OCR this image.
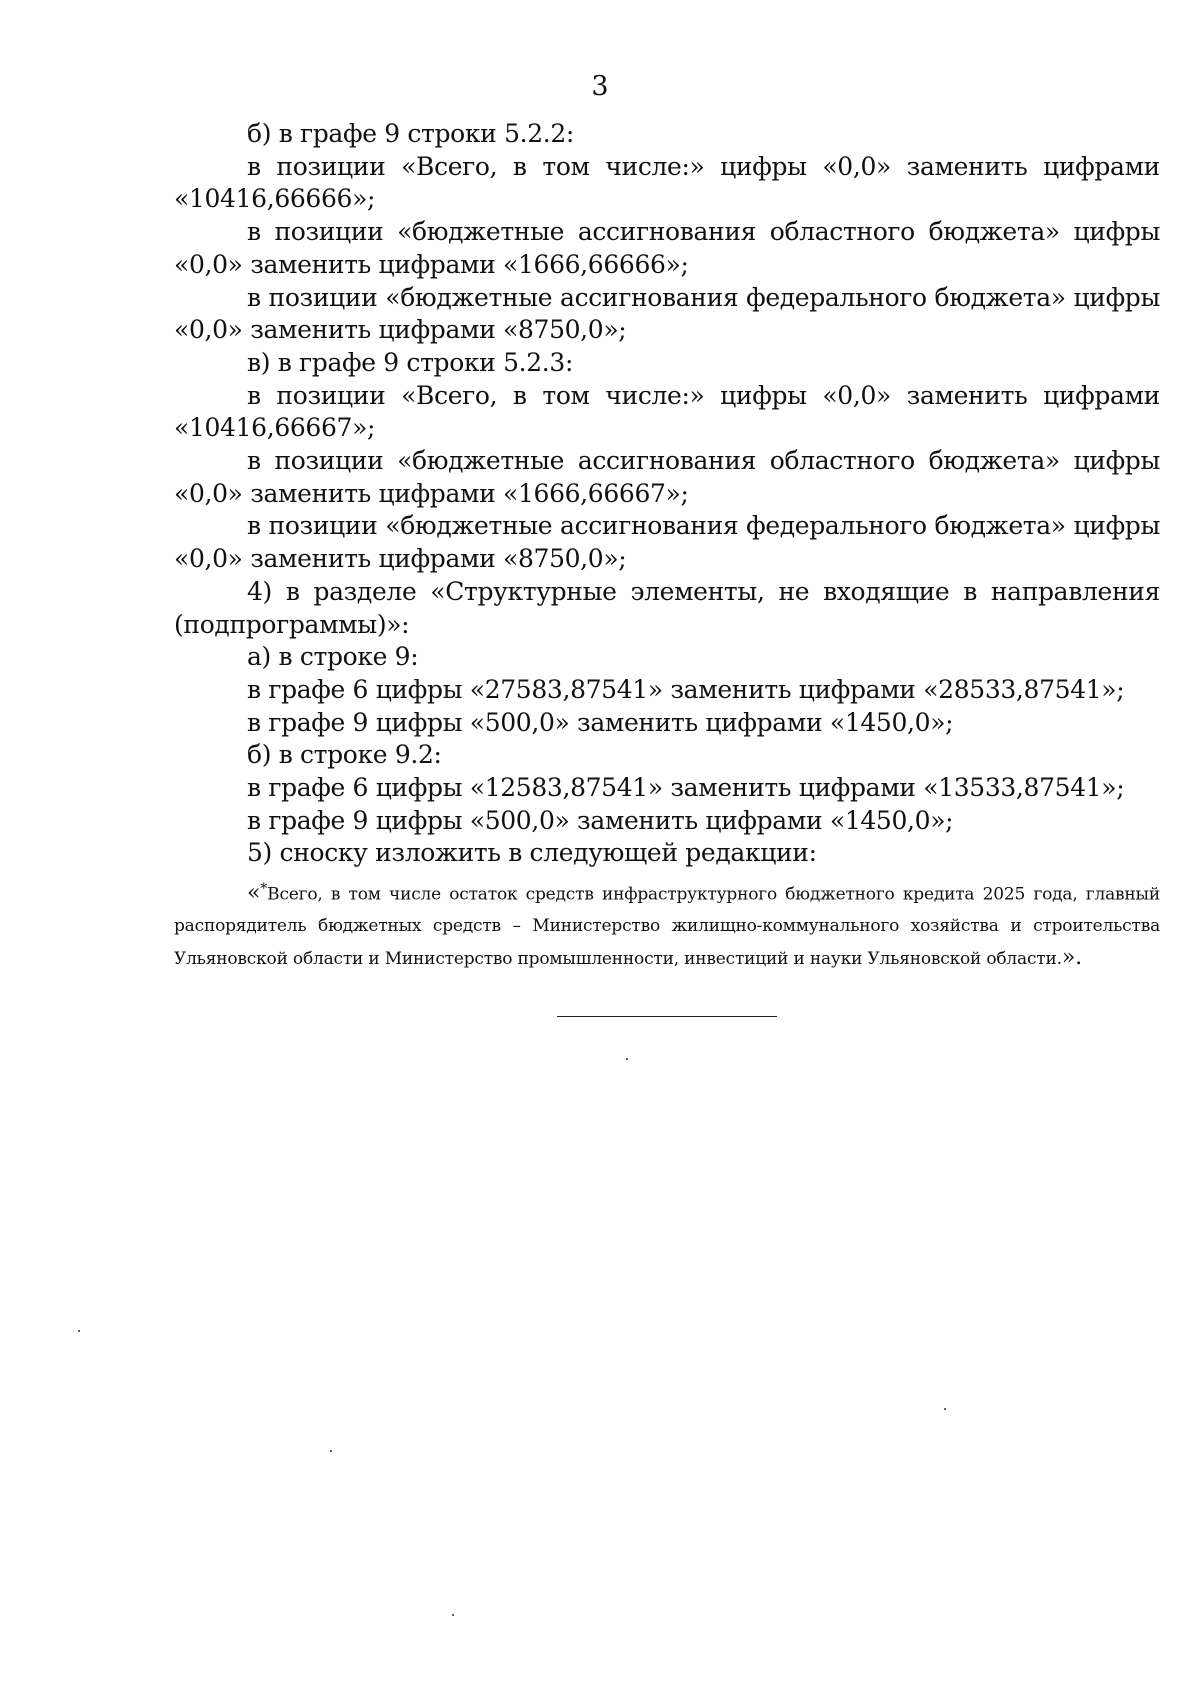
3

б) в графе 9 строки 5.2.2:

в позиции «Всего, в том числе:» цифры «0,0» заменить цифрами «10416,66666»;

в позиции «бюджетные ассигнования областного бюджета» цифры «0,0» заменить цифрами «1666,66666»;

в позиции «бюджетные ассигнования федерального бюджета» цифры «0,0» заменить цифрами «8750,0»;

в) в графе 9 строки 5.2.3:

в позиции «Всего, в том числе:» цифры «0,0» заменить цифрами «10416,66667»;

в позиции «бюджетные ассигнования областного бюджета» цифры «0,0» заменить цифрами «1666,66667»;

в позиции «бюджетные ассигнования федерального бюджета» цифры «0,0» заменить цифрами «8750,0»;

4) в разделе «Структурные элементы, не входящие в направления (подпрограммы)»:

а) в строке 9:

в графе 6 цифры «27583,87541» заменить цифрами «28533,87541»;

в графе 9 цифры «500,0» заменить цифрами «1450,0»;

б) в строке 9.2:

в графе 6 цифры «12583,87541» заменить цифрами «13533,87541»;

в графе 9 цифры «500,0» заменить цифрами «1450,0»;

5) сноску изложить в следующей редакции:

«*Всего, в том числе остаток средств инфраструктурного бюджетного кредита 2025 года, главный распорядитель бюджетных средств – Министерство жилищно-коммунального хозяйства и строительства Ульяновской области и Министерство промышленности, инвестиций и науки Ульяновской области.».
